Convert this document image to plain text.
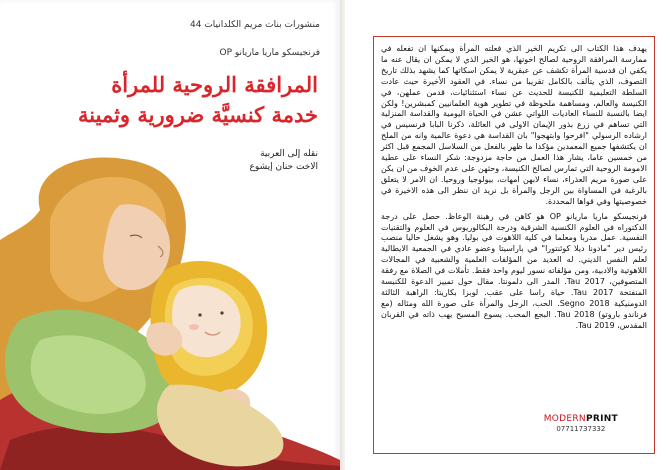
منشورات بنات مريم الكلدانيات 44
فرنجيسكو ماريا ماريانو OP
المرافقة الروحية للمرأة
خدمة كنسيَّة ضرورية وثمينة
نقله إلى العربية
الاخت حنان إيشوع

يهدف هذا الكتاب الى تكريم الخير الذي فعلته المرأة ويمكنها ان تفعله في ممارسة المرافقة الروحية لصالح اخوتها، هو الخير الذي لا يمكن ان يقال عنه ما يكفي ان قدسية المرأة تكشف عن عبقرية لا يمكن اسكاتها كما يشهد بذلك تاريخ التصوف، الذي يتألف بالكامل تقريبا من نساء. في العقود الأخيرة حيث عادت السلطة التعليمية للكنيسة للحديث عن نساء استثنائيات، قدمن عملهن، في الكنيسة والعالم، ومساهمة ملحوظة في تطوير هوية العلمانيين كمبشرين! ولكن ايضا بالنسبة للنساء العاديات اللواتي عشن في الحياة اليومية والقداسة المنزلية التي تساهم في زرع بذور الإيمان الاولى في العائلة، ذكرنا البابا فرنسيس في ارشاده الرسولي "افرحوا وابتهجوا" بان القداسة هي دعوة عالمية وانه من الملح ان يكتشفها جميع المعمدين مؤكدا ما ظهر بالفعل من السلاسل المجمع قبل اكثر من خمسين عاما، يشار هذا العمل من حاجة مزدوجة: شكر النساء على عطية الامومة الروحية التي تمارس لصالح الكنيسة، وحثهن على عدم الخوف من ان يكن على صورة مريم العذراء، نساء لابهن امهات، بيولوجيا وروحيا. ان الامر لا يتعلق بالرغبة في المساواة بين الرجل والمرأة بل نريد ان ننظر الى هذه الاخيرة في خصوصيتها وفي قواها المحددة.

فرنجيسكو ماريا ماريانو OP هو كاهن في رهبنة الوعاظ. حصل على درجة الدكتوراه في العلوم الكنسية الشرقية ودرجة البكالوريوس في العلوم والتقنيات النفسية. عمل مدربا ومعلما في كلية اللاهوت في بوليا. وهو يشغل حاليا منصب رئيس دير "مادونا ديلا كوئنتورا" في باراسيتا وعضو عادي في الجمعية الايطالية لعلم النفس الديني. له العديد من المؤلفات العلمية والشعبية في المجالات اللاهوتية والادبية، ومن مؤلفاته نسور ليوم واحد فقط. تأملات في الصلاة مع رفقة المتصوفين، Tau 2017. المدر الى دلمونتا. مقال حول تمييز الدعوة للكنيسة المنفتحة Tau 2017. حياة راسا على عقب. لوبزا بكاريتا: الراهبة الثالثة الدومنيكية Segno 2018. الحب، الرجل والمرأة على صورة الله ومثاله (مع فرناندو باروتو) Tau 2018. البجع المحب. يسوع المسيح يهب ذاته في القربان المقدس، Tau 2019.

MODERNPRINT
07711737332
